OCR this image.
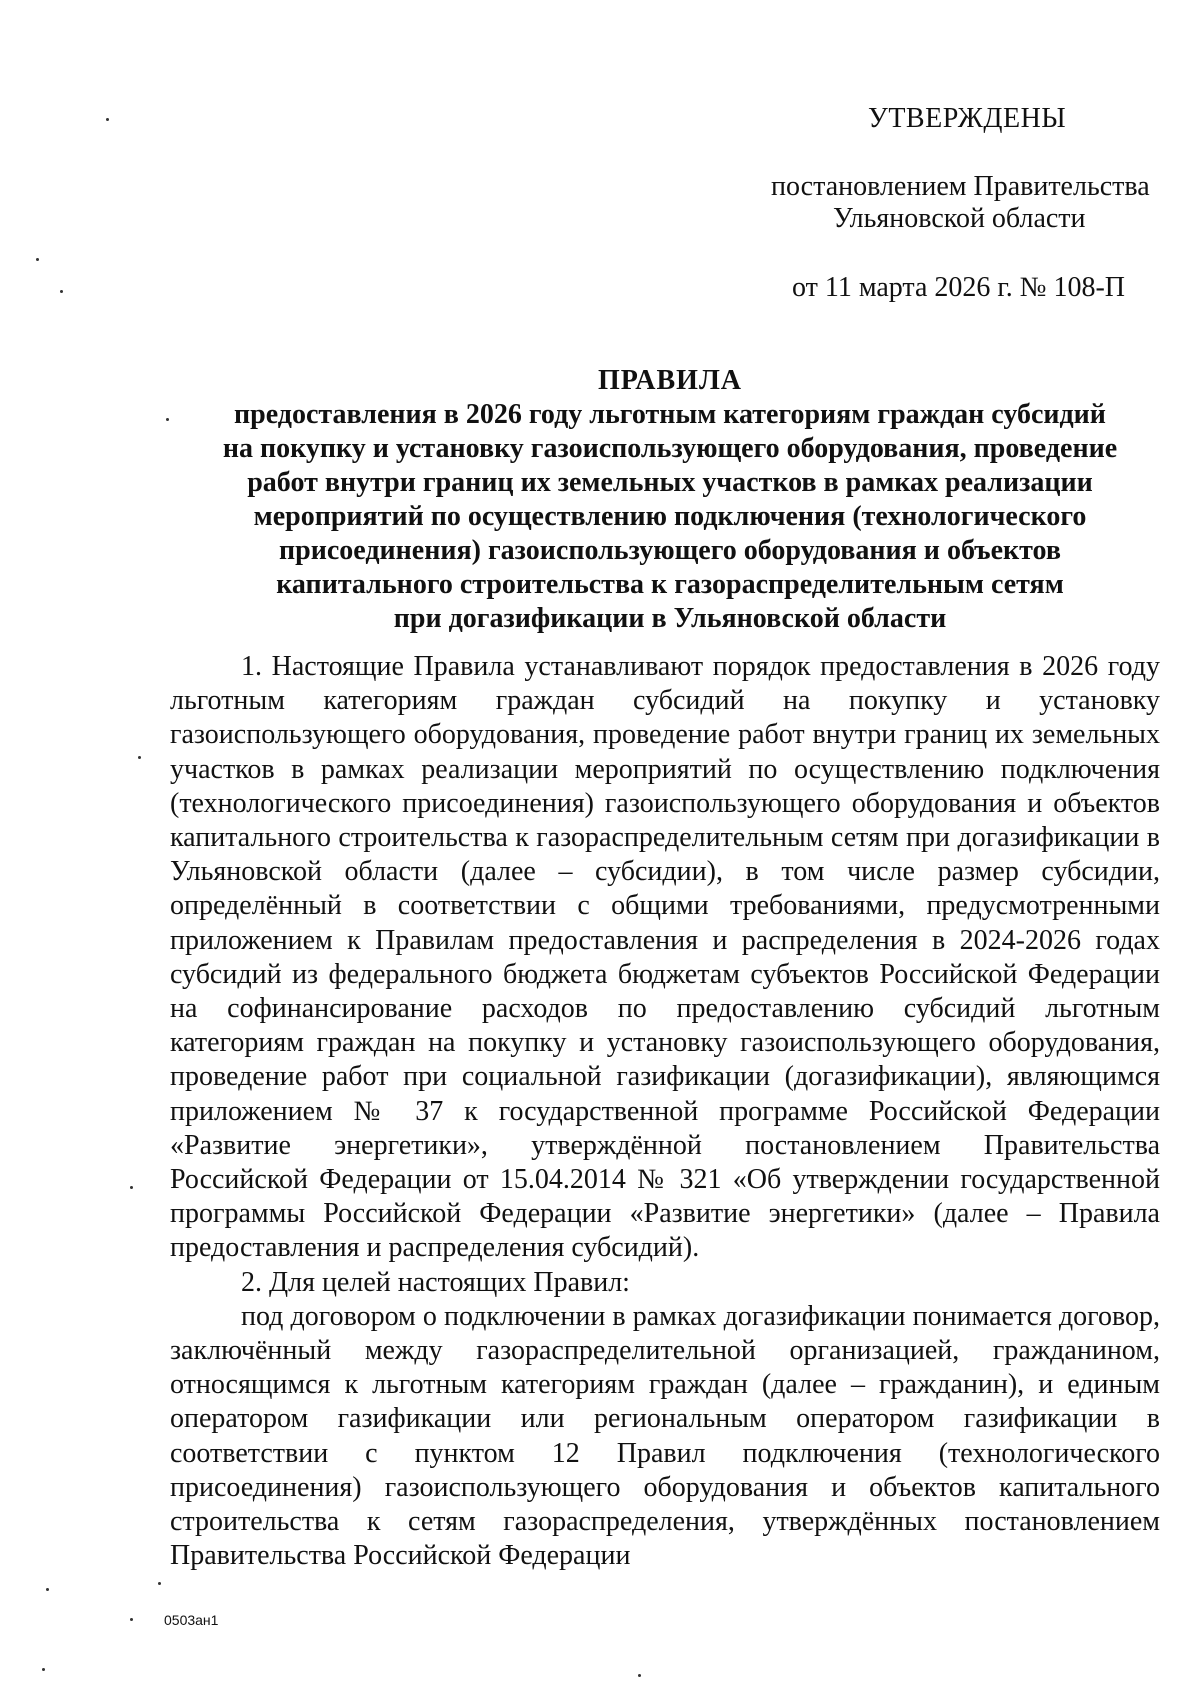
УТВЕРЖДЕНЫ
постановлением Правительства
Ульяновской области
от 11 марта 2026 г. № 108-П
ПРАВИЛА
предоставления в 2026 году льготным категориям граждан субсидий
на покупку и установку газоиспользующего оборудования, проведение
работ внутри границ их земельных участков в рамках реализации
мероприятий по осуществлению подключения (технологического
присоединения) газоиспользующего оборудования и объектов
капитального строительства к газораспределительным сетям
при догазификации в Ульяновской области

1. Настоящие Правила устанавливают порядок предоставления в 2026 году льготным категориям граждан субсидий на покупку и установку газоиспользующего оборудования, проведение работ внутри границ их земельных участков в рамках реализации мероприятий по осуществлению подключения (технологического присоединения) газоиспользующего оборудования и объектов капитального строительства к газораспределительным сетям при догазификации в Ульяновской области (далее – субсидии), в том числе размер субсидии, определённый в соответствии с общими требованиями, предусмотренными приложением к Правилам предоставления и распределения в 2024-2026 годах субсидий из федерального бюджета бюджетам субъектов Российской Федерации на софинансирование расходов по предоставлению субсидий льготным категориям граждан на покупку и установку газоиспользующего оборудования, проведение работ при социальной газификации (догазификации), являющимся приложением № 37 к государственной программе Российской Федерации «Развитие энергетики», утверждённой постановлением Правительства Российской Федерации от 15.04.2014 № 321 «Об утверждении государственной программы Российской Федерации «Развитие энергетики» (далее – Правила предоставления и распределения субсидий).

2. Для целей настоящих Правил:

под договором о подключении в рамках догазификации понимается договор, заключённый между газораспределительной организацией, гражданином, относящимся к льготным категориям граждан (далее – гражданин), и единым оператором газификации или региональным оператором газификации в соответствии с пунктом 12 Правил подключения (технологического присоединения) газоиспользующего оборудования и объектов капитального строительства к сетям газораспределения, утверждённых постановлением Правительства Российской Федерации

0503ан1
